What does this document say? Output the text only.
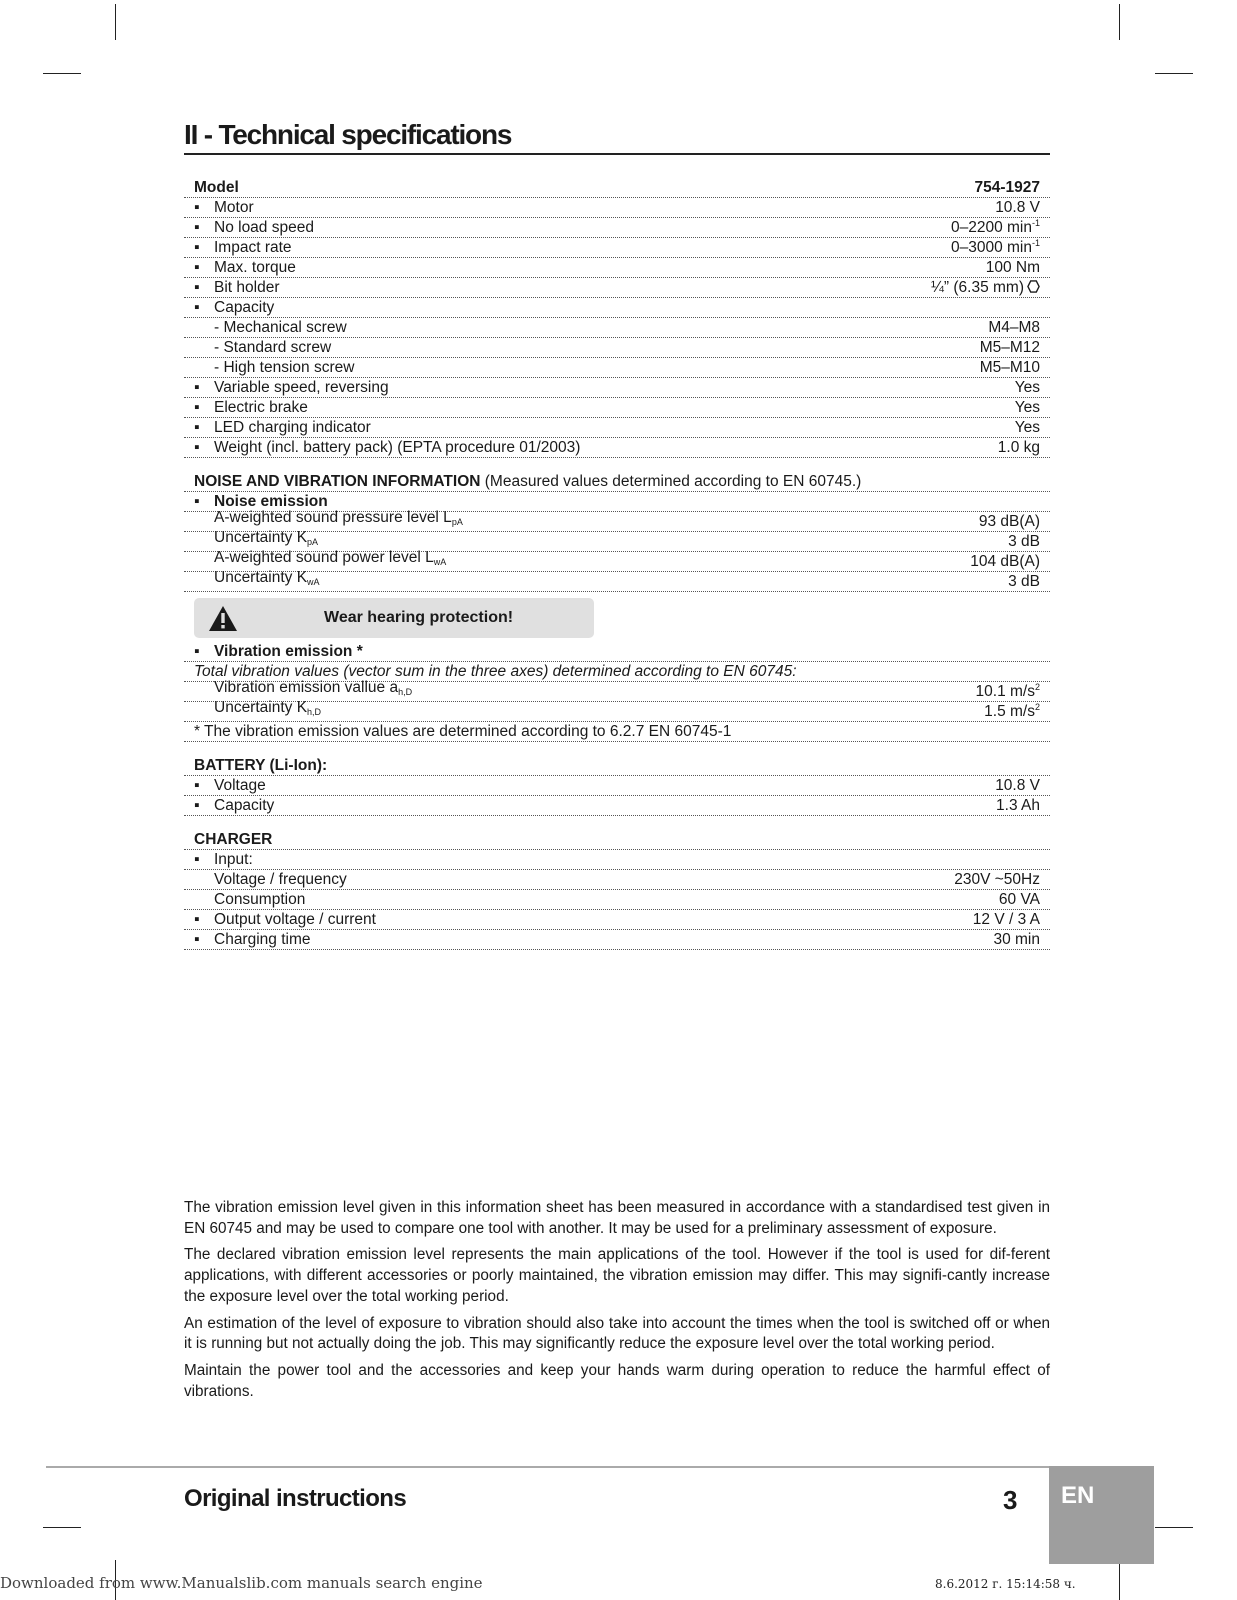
II - Technical specifications
Model	754-1927
▪ Motor	10.8 V
▪ No load speed	0–2200 $\min^{-1}$
▪ Impact rate	0–3000 $\min^{-1}$
▪ Max. torque	100 Nm
▪ Bit holder	¼” (6.35 mm)
▪ Capacity
- Mechanical screw	M4–M8
- Standard screw	M5–M12
- High tension screw	M5–M10
▪ Variable speed, reversing	Yes
▪ Electric brake	Yes
▪ LED charging indicator	Yes
▪ Weight (incl. battery pack) (EPTA procedure 01/2003)	1.0 kg
NOISE AND VIBRATION INFORMATION (Measured values determined according to EN 60745.)
▪ Noise emission
A-weighted sound pressure level $L_{pA}$	93 dB(A)
Uncertainty $K_{pA}$	3 dB
A-weighted sound power level $L_{wA}$	104 dB(A)
Uncertainty $K_{wA}$	3 dB
Wear hearing protection!
▪ Vibration emission *
Total vibration values (vector sum in the three axes) determined according to EN 60745:
Vibration emission vallue $a_{h,D}$	10.1 $m/s^2$
Uncertainty $K_{h,D}$	1.5 $m/s^2$
* The vibration emission values are determined according to 6.2.7 EN 60745-1
BATTERY (Li-Ion):
▪ Voltage	10.8 V
▪ Capacity	1.3 Ah
CHARGER
▪ Input:
Voltage / frequency	230V ~50Hz
Consumption	60 VA
▪ Output voltage / current	12 V / 3 A
▪ Charging time	30 min

The vibration emission level given in this information sheet has been measured in accordance with a standardised test given in EN 60745 and may be used to compare one tool with another. It may be used for a preliminary assessment of exposure.

The declared vibration emission level represents the main applications of the tool. However if the tool is used for dif-ferent applications, with different accessories or poorly maintained, the vibration emission may differ. This may signifi-cantly increase the exposure level over the total working period.

An estimation of the level of exposure to vibration should also take into account the times when the tool is switched off or when it is running but not actually doing the job. This may significantly reduce the exposure level over the total working period.

Maintain the power tool and the accessories and keep your hands warm during operation to reduce the harmful effect of vibrations.

Original instructions	3 EN
Downloaded from www.Manualslib.com manuals search engine	8.6.2012 г. 15:14:58 ч.
